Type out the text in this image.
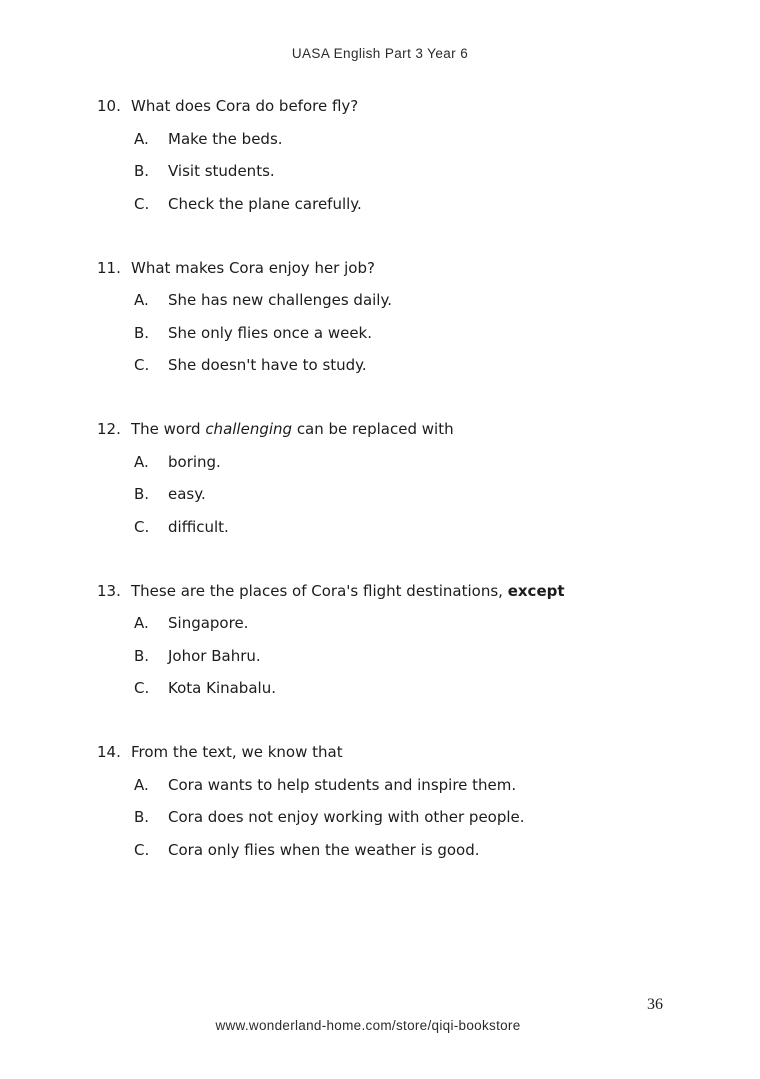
UASA English Part 3 Year 6
10. What does Cora do before fly?
A.	Make the beds.
B.	Visit students.
C.	Check the plane carefully.
11. What makes Cora enjoy her job?
A.	She has new challenges daily.
B.	She only flies once a week.
C.	She doesn't have to study.
12. The word challenging can be replaced with
A.	boring.
B.	easy.
C.	difficult.
13. These are the places of Cora's flight destinations, except
A.	Singapore.
B.	Johor Bahru.
C.	Kota Kinabalu.
14. From the text, we know that
A.	Cora wants to help students and inspire them.
B.	Cora does not enjoy working with other people.
C.	Cora only flies when the weather is good.
36
www.wonderland-home.com/store/qiqi-bookstore
